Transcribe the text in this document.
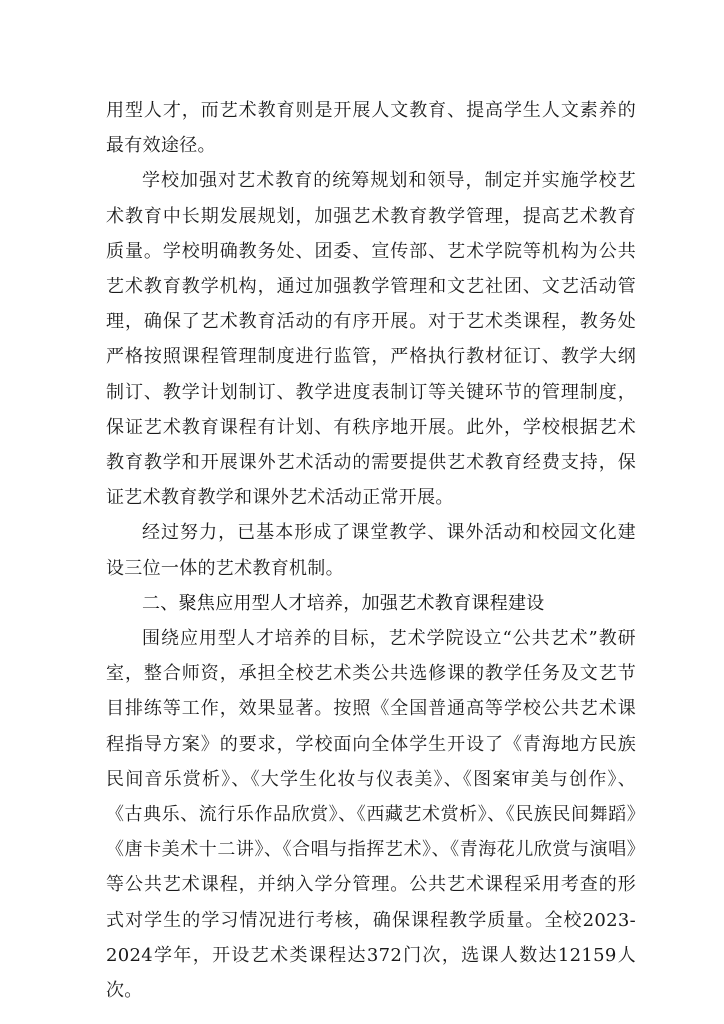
用型人才，而艺术教育则是开展人文教育、提高学生人文素养的最有效途径。

学校加强对艺术教育的统筹规划和领导，制定并实施学校艺术教育中长期发展规划，加强艺术教育教学管理，提高艺术教育质量。学校明确教务处、团委、宣传部、艺术学院等机构为公共艺术教育教学机构，通过加强教学管理和文艺社团、文艺活动管理，确保了艺术教育活动的有序开展。对于艺术类课程，教务处严格按照课程管理制度进行监管，严格执行教材征订、教学大纲制订、教学计划制订、教学进度表制订等关键环节的管理制度，保证艺术教育课程有计划、有秩序地开展。此外，学校根据艺术教育教学和开展课外艺术活动的需要提供艺术教育经费支持，保证艺术教育教学和课外艺术活动正常开展。

经过努力，已基本形成了课堂教学、课外活动和校园文化建设三位一体的艺术教育机制。

二、聚焦应用型人才培养，加强艺术教育课程建设

围绕应用型人才培养的目标，艺术学院设立“公共艺术”教研室，整合师资，承担全校艺术类公共选修课的教学任务及文艺节目排练等工作，效果显著。按照《全国普通高等学校公共艺术课程指导方案》的要求，学校面向全体学生开设了《青海地方民族民间音乐赏析》、《大学生化妆与仪表美》、《图案审美与创作》、《古典乐、流行乐作品欣赏》、《西藏艺术赏析》、《民族民间舞蹈》《唐卡美术十二讲》、《合唱与指挥艺术》、《青海花儿欣赏与演唱》等公共艺术课程，并纳入学分管理。公共艺术课程采用考查的形式对学生的学习情况进行考核，确保课程教学质量。全校2023-2024学年，开设艺术类课程达372门次，选课人数达12159人次。
